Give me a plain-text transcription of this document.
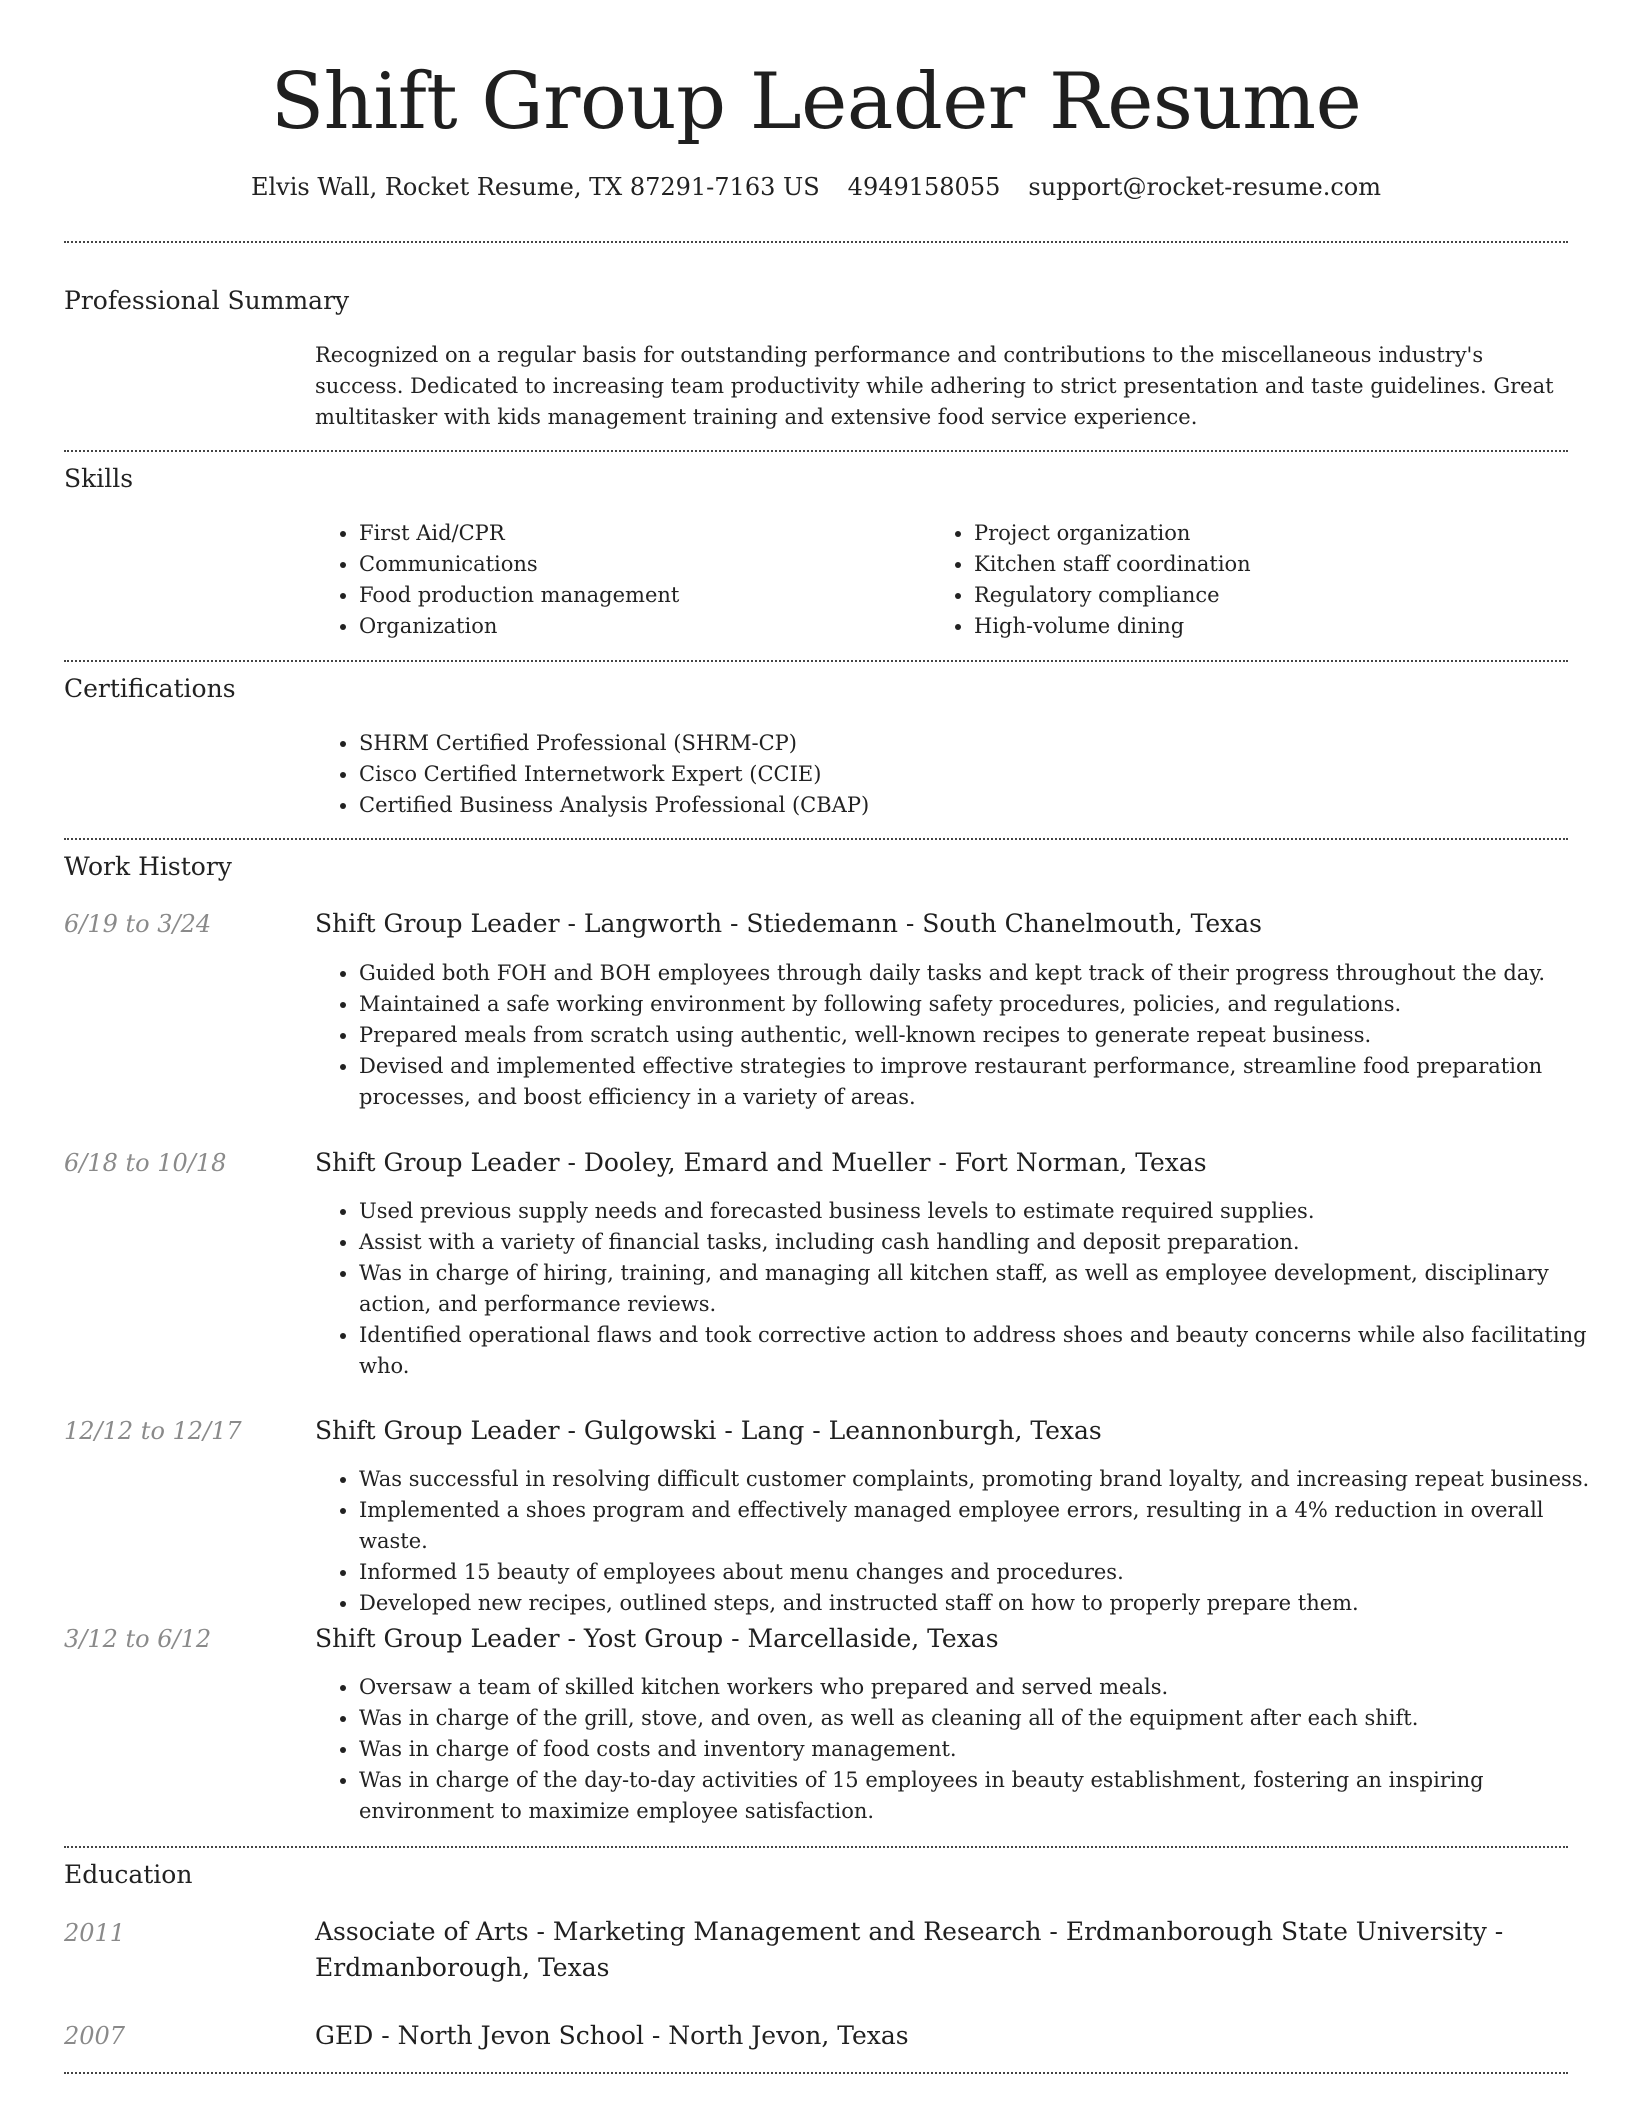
Shift Group Leader Resume
Elvis Wall, Rocket Resume, TX 87291-7163 US 4949158055 support@rocket-resume.com
Professional Summary
Recognized on a regular basis for outstanding performance and contributions to the miscellaneous industry's success. Dedicated to increasing team productivity while adhering to strict presentation and taste guidelines. Great multitasker with kids management training and extensive food service experience.
Skills
• First Aid/CPR
• Communications
• Food production management
• Organization
• Project organization
• Kitchen staff coordination
• Regulatory compliance
• High-volume dining
Certifications
• SHRM Certified Professional (SHRM-CP)
• Cisco Certified Internetwork Expert (CCIE)
• Certified Business Analysis Professional (CBAP)
Work History
6/19 to 3/24	Shift Group Leader - Langworth - Stiedemann - South Chanelmouth, Texas
• Guided both FOH and BOH employees through daily tasks and kept track of their progress throughout the day.
• Maintained a safe working environment by following safety procedures, policies, and regulations.
• Prepared meals from scratch using authentic, well-known recipes to generate repeat business.
• Devised and implemented effective strategies to improve restaurant performance, streamline food preparation processes, and boost efficiency in a variety of areas.
6/18 to 10/18	Shift Group Leader - Dooley, Emard and Mueller - Fort Norman, Texas
• Used previous supply needs and forecasted business levels to estimate required supplies.
• Assist with a variety of financial tasks, including cash handling and deposit preparation.
• Was in charge of hiring, training, and managing all kitchen staff, as well as employee development, disciplinary action, and performance reviews.
• Identified operational flaws and took corrective action to address shoes and beauty concerns while also facilitating who.
12/12 to 12/17	Shift Group Leader - Gulgowski - Lang - Leannonburgh, Texas
• Was successful in resolving difficult customer complaints, promoting brand loyalty, and increasing repeat business.
• Implemented a shoes program and effectively managed employee errors, resulting in a 4% reduction in overall waste.
• Informed 15 beauty of employees about menu changes and procedures.
• Developed new recipes, outlined steps, and instructed staff on how to properly prepare them.
3/12 to 6/12	Shift Group Leader - Yost Group - Marcellaside, Texas
• Oversaw a team of skilled kitchen workers who prepared and served meals.
• Was in charge of the grill, stove, and oven, as well as cleaning all of the equipment after each shift.
• Was in charge of food costs and inventory management.
• Was in charge of the day-to-day activities of 15 employees in beauty establishment, fostering an inspiring environment to maximize employee satisfaction.
Education
2011	Associate of Arts - Marketing Management and Research - Erdmanborough State University - Erdmanborough, Texas
2007	GED - North Jevon School - North Jevon, Texas
